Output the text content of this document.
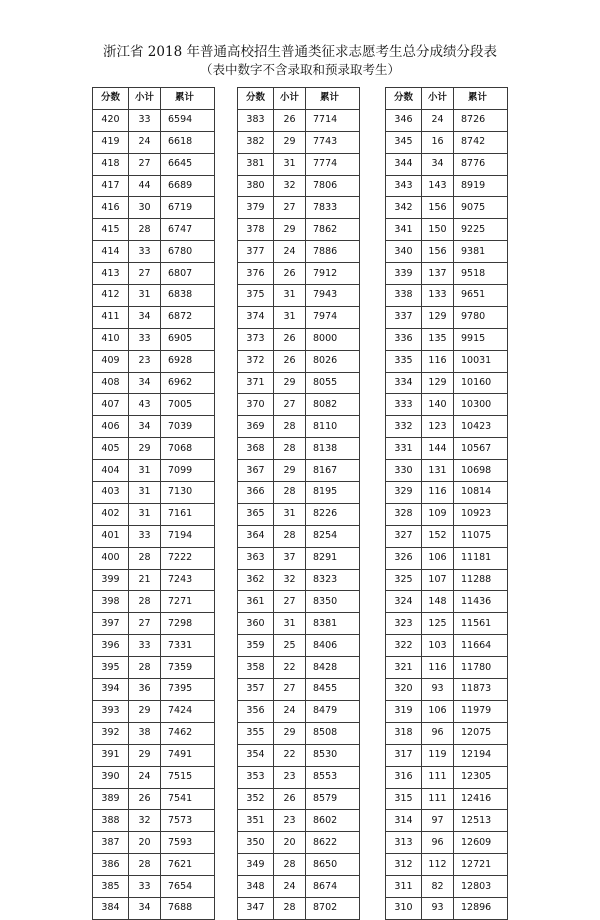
浙江省 2018 年普通高校招生普通类征求志愿考生总分成绩分段表
（表中数字不含录取和预录取考生）
分数	小计	累计
420	33	6594
419	24	6618
418	27	6645
417	44	6689
416	30	6719
415	28	6747
414	33	6780
413	27	6807
412	31	6838
411	34	6872
410	33	6905
409	23	6928
408	34	6962
407	43	7005
406	34	7039
405	29	7068
404	31	7099
403	31	7130
402	31	7161
401	33	7194
400	28	7222
399	21	7243
398	28	7271
397	27	7298
396	33	7331
395	28	7359
394	36	7395
393	29	7424
392	38	7462
391	29	7491
390	24	7515
389	26	7541
388	32	7573
387	20	7593
386	28	7621
385	33	7654
384	34	7688
分数	小计	累计
383	26	7714
382	29	7743
381	31	7774
380	32	7806
379	27	7833
378	29	7862
377	24	7886
376	26	7912
375	31	7943
374	31	7974
373	26	8000
372	26	8026
371	29	8055
370	27	8082
369	28	8110
368	28	8138
367	29	8167
366	28	8195
365	31	8226
364	28	8254
363	37	8291
362	32	8323
361	27	8350
360	31	8381
359	25	8406
358	22	8428
357	27	8455
356	24	8479
355	29	8508
354	22	8530
353	23	8553
352	26	8579
351	23	8602
350	20	8622
349	28	8650
348	24	8674
347	28	8702
分数	小计	累计
346	24	8726
345	16	8742
344	34	8776
343	143	8919
342	156	9075
341	150	9225
340	156	9381
339	137	9518
338	133	9651
337	129	9780
336	135	9915
335	116	10031
334	129	10160
333	140	10300
332	123	10423
331	144	10567
330	131	10698
329	116	10814
328	109	10923
327	152	11075
326	106	11181
325	107	11288
324	148	11436
323	125	11561
322	103	11664
321	116	11780
320	93	11873
319	106	11979
318	96	12075
317	119	12194
316	111	12305
315	111	12416
314	97	12513
313	96	12609
312	112	12721
311	82	12803
310	93	12896
